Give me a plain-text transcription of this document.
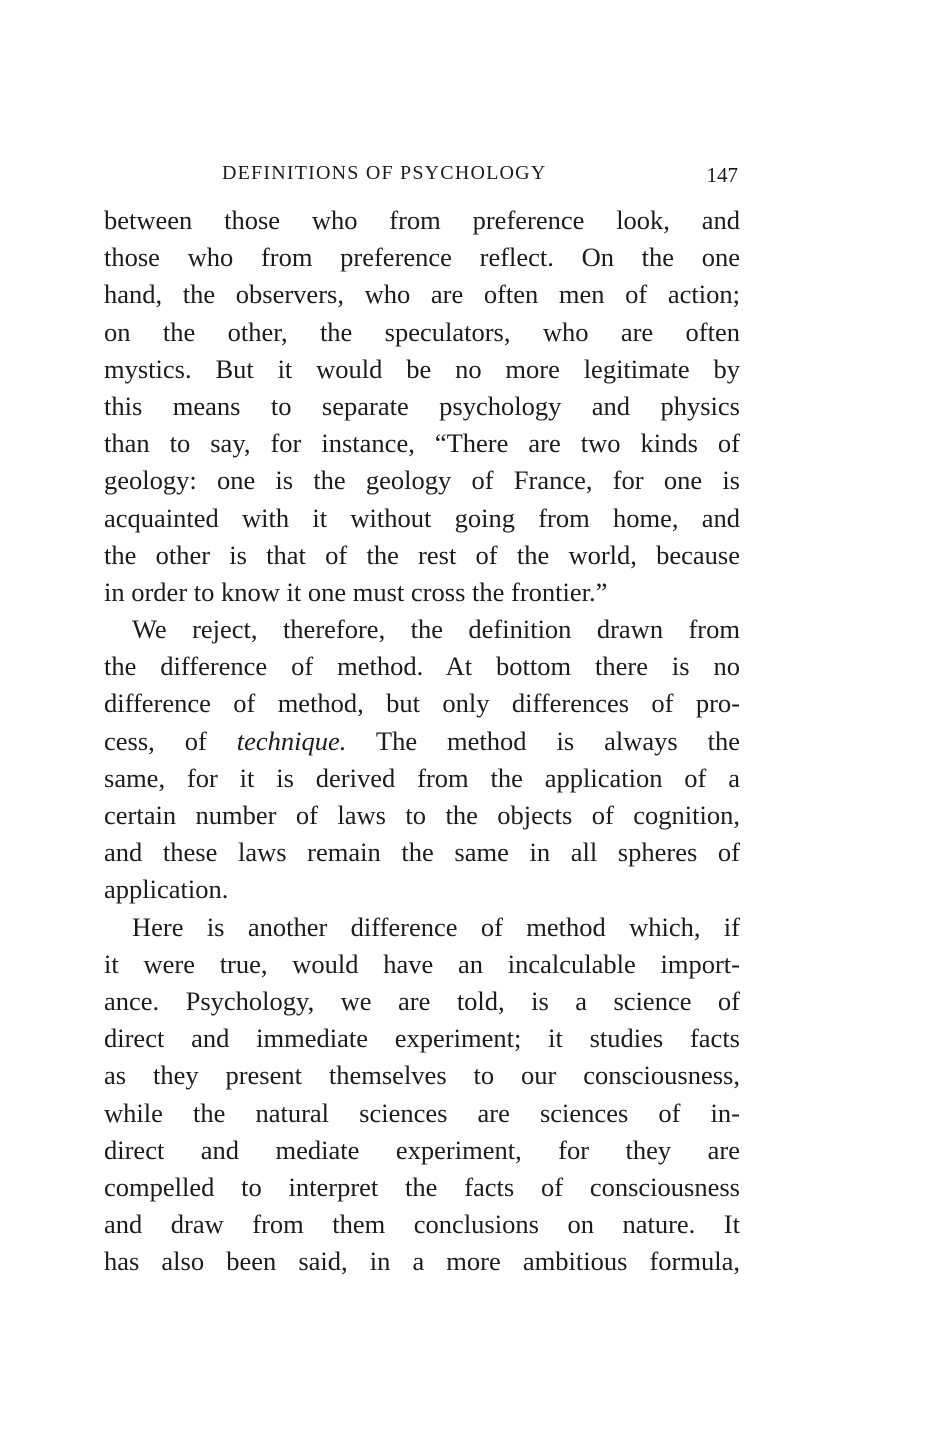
DEFINITIONS OF PSYCHOLOGY	147
between those who from preference look, and
those who from preference reflect. On the one
hand, the observers, who are often men of action;
on the other, the speculators, who are often
mystics. But it would be no more legitimate by
this means to separate psychology and physics
than to say, for instance, “There are two kinds of
geology: one is the geology of France, for one is
acquainted with it without going from home, and
the other is that of the rest of the world, because
in order to know it one must cross the frontier.”
We reject, therefore, the definition drawn from
the difference of method. At bottom there is no
difference of method, but only differences of pro-
cess, of technique. The method is always the
same, for it is derived from the application of a
certain number of laws to the objects of cognition,
and these laws remain the same in all spheres of
application.
Here is another difference of method which, if
it were true, would have an incalculable import-
ance. Psychology, we are told, is a science of
direct and immediate experiment; it studies facts
as they present themselves to our consciousness,
while the natural sciences are sciences of in-
direct and mediate experiment, for they are
compelled to interpret the facts of consciousness
and draw from them conclusions on nature. It
has also been said, in a more ambitious formula,
